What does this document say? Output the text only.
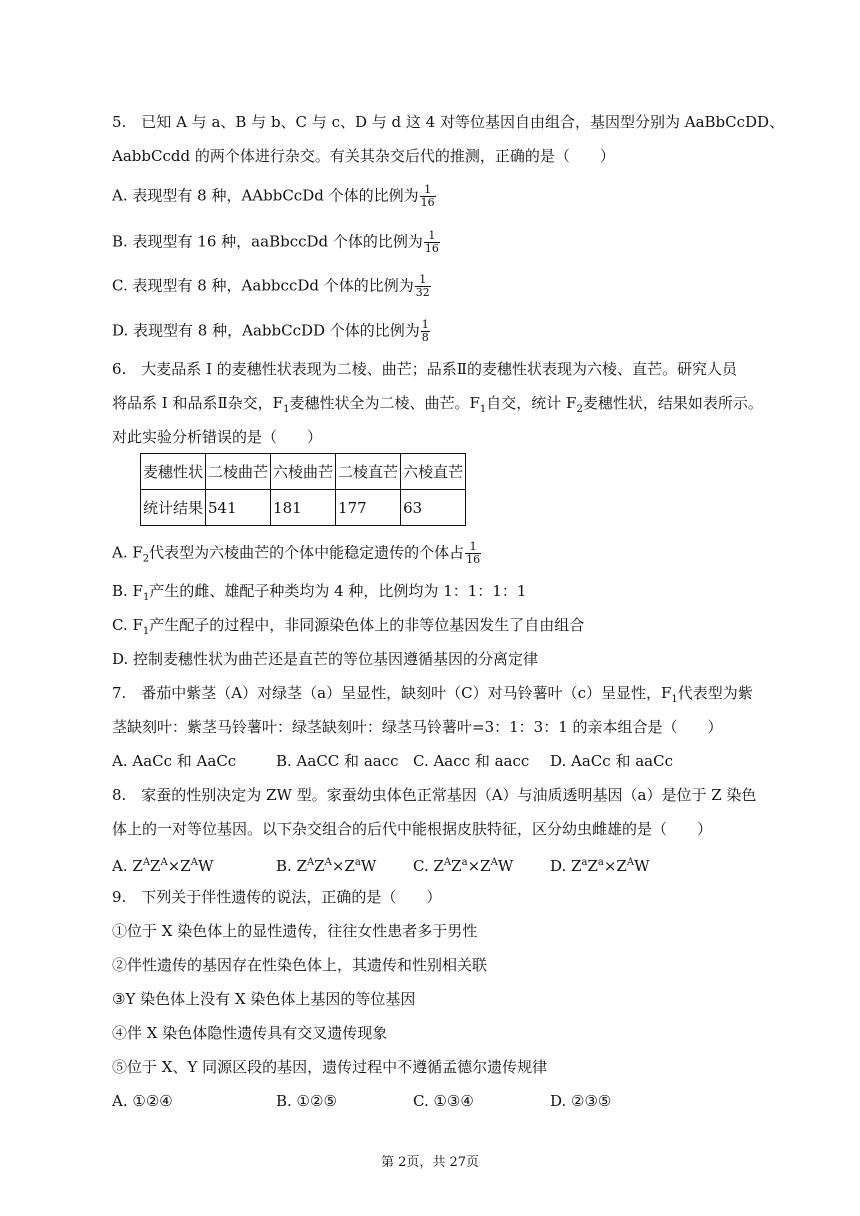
5.　已知 A 与 a、B 与 b、C 与 c、D 与 d 这 4 对等位基因自由组合，基因型分别为 AaBbCcDD、
AabbCcdd 的两个体进行杂交。有关其杂交后代的推测，正确的是（　　）
A. 表现型有 8 种，AAbbCcDd 个体的比例为 $\frac{1}{16}$
B. 表现型有 16 种，aaBbccDd 个体的比例为 $\frac{1}{16}$
C. 表现型有 8 种，AabbccDd 个体的比例为 $\frac{1}{32}$
D. 表现型有 8 种，AabbCcDD 个体的比例为 $\frac{1}{8}$
6.　大麦品系 I 的麦穗性状表现为二棱、曲芒；品系Ⅱ的麦穗性状表现为六棱、直芒。研究人员
将品系 I 和品系Ⅱ杂交，$F_1$麦穗性状全为二棱、曲芒。$F_1$自交，统计 $F_2$麦穗性状，结果如表所示。
对此实验分析错误的是（　　）
麦穗性状	二棱曲芒	六棱曲芒	二棱直芒	六棱直芒
统计结果	541	181	177	63
A. $F_2$代表型为六棱曲芒的个体中能稳定遗传的个体占 $\frac{1}{16}$
B. $F_1$产生的雌、雄配子种类均为 4 种，比例均为 1：1：1：1
C. $F_1$产生配子的过程中，非同源染色体上的非等位基因发生了自由组合
D. 控制麦穗性状为曲芒还是直芒的等位基因遵循基因的分离定律
7.　番茄中紫茎（A）对绿茎（a）呈显性，缺刻叶（C）对马铃薯叶（c）呈显性，$F_1$代表型为紫
茎缺刻叶：紫茎马铃薯叶：绿茎缺刻叶：绿茎马铃薯叶=3：1：3：1 的亲本组合是（　　）
A. AaCc 和 AaCc	B. AaCC 和 aacc C. Aacc 和 aacc D. AaCc 和 aaCc
8.　家蚕的性别决定为 ZW 型。家蚕幼虫体色正常基因（A）与油质透明基因（a）是位于 Z 染色
体上的一对等位基因。以下杂交组合的后代中能根据皮肤特征，区分幼虫雌雄的是（　　）
A. $Z^AZ^A\times Z^AW$	B. $Z^AZ^A\times Z^aW$ C. $Z^AZ^a\times Z^AW$ D. $Z^aZ^a\times Z^AW$
9.　下列关于伴性遗传的说法，正确的是（　　）
①位于 X 染色体上的显性遗传，往往女性患者多于男性
②伴性遗传的基因存在性染色体上，其遗传和性别相关联
③Y 染色体上没有 X 染色体上基因的等位基因
④伴 X 染色体隐性遗传具有交叉遗传现象
⑤位于 X、Y 同源区段的基因，遗传过程中不遵循孟德尔遗传规律
A. ①②④	B. ①②⑤	C. ①③④	D. ②③⑤
第 2页，共 27页
